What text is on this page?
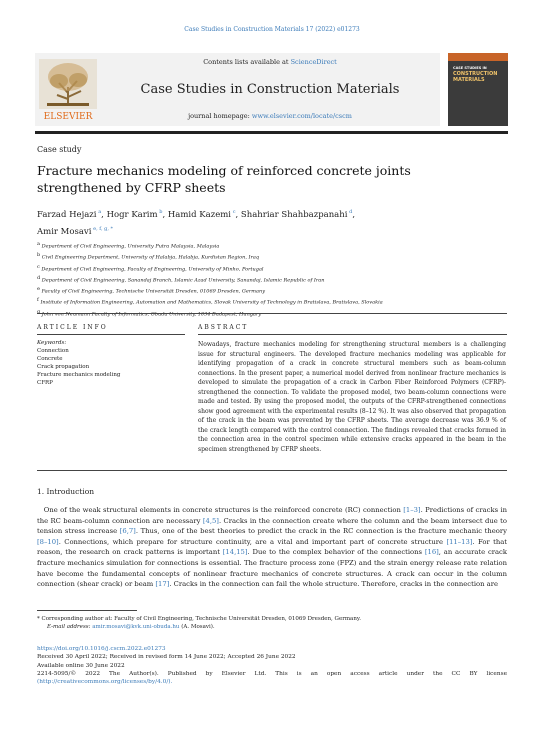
Case Studies in Construction Materials 17 (2022) e01273
ELSEVIER
Contents lists available at ScienceDirect
Case Studies in Construction Materials
journal homepage: www.elsevier.com/locate/cscm
CASE STUDIES IN
CONSTRUCTION
MATERIALS
Case study
Fracture mechanics modeling of reinforced concrete joints
strengthened by CFRP sheets
Farzad Hejazi  $^a$, Hogr Karim  $^b$, Hamid Kazemi  $^c$, Shahriar Shahbazpanahi  $^d$,
Amir Mosavi  $^{e, f, g, *}$
$^a$ Department of Civil Engineering, University Putra Malaysia, Malaysia
$^b$ Civil Engineering Department, University of Halabja, Halabja, Kurdistan Region, Iraq
$^c$ Department of Civil Engineering, Faculty of Engineering, University of Minho, Portugal
$^d$ Department of Civil Engineering, Sanandaj Branch, Islamic Azad University, Sanandaj, Islamic Republic of Iran
$^e$ Faculty of Civil Engineering, Technische Universität Dresden, 01069 Dresden, Germany
$^f$ Institute of Information Engineering, Automation and Mathematics, Slovak University of Technology in Bratislava, Bratislava, Slovakia
$^g$ John von Neumann Faculty of Informatics, Obuda University, 1034 Budapest, Hungary
ARTICLE INFO	ABSTRACT
Keywords:
Connection
Concrete
Crack propagation
Fracture mechanics modeling
CFRP
Nowadays, fracture mechanics modeling for strengthening structural members is a challenging issue for structural engineers. The developed fracture mechanics modeling was applicable for identifying propagation of a crack in concrete structural members such as beam-column connections. In the present paper, a numerical model derived from nonlinear fracture mechanics is developed to simulate the propagation of a crack in Carbon Fiber Reinforced Polymers (CFRP)-strengthened the connection. To validate the proposed model, two beam-column connections were made and tested. By using the proposed model, the outputs of the CFRP-strengthened connections show good agreement with the experimental results (8–12 %). It was also observed that propagation of the crack in the beam was prevented by the CFRP sheets. The average decrease was 36.9 % of the crack length compared with the control connection. The findings revealed that cracks formed in the connection area in the control specimen while extensive cracks appeared in the beam in the specimen strengthened by CFRP sheets.
1. Introduction
 One of the weak structural elements in concrete structures is the reinforced concrete (RC) connection [1–3]. Predictions of cracks in the RC beam-column connection are necessary [4,5]. Cracks in the connection create where the column and the beam intersect due to tension stress increase [6,7]. Thus, one of the best theories to predict the crack in the RC connection is the fracture mechanic theory [8–10]. Connections, which prepare for structure continuity, are a vital and important part of concrete structure [11–13]. For that reason, the research on crack patterns is important [14,15]. Due to the complex behavior of the connections [16], an accurate crack fracture mechanics simulation for connections is essential. The fracture process zone (FPZ) and the strain energy release rate relation have become the fundamental concepts of nonlinear fracture mechanics of concrete structures. A crack can occur in the column connection (shear crack) or beam [17]. Cracks in the connection can fail the whole structure. Therefore, cracks in the connection are
* Corresponding author at: Faculty of Civil Engineering, Technische Universität Dresden, 01069 Dresden, Germany.
E-mail address: amir.mosavi@kvk.uni-obuda.hu (A. Mosavi).
https://doi.org/10.1016/j.cscm.2022.e01273
Received 30 April 2022; Received in revised form 14 June 2022; Accepted 26 June 2022
Available online 30 June 2022
2214-5095/© 2022 The Author(s). Published by Elsevier Ltd. This is an open access article under the CC BY license
(http://creativecommons.org/licenses/by/4.0/).
